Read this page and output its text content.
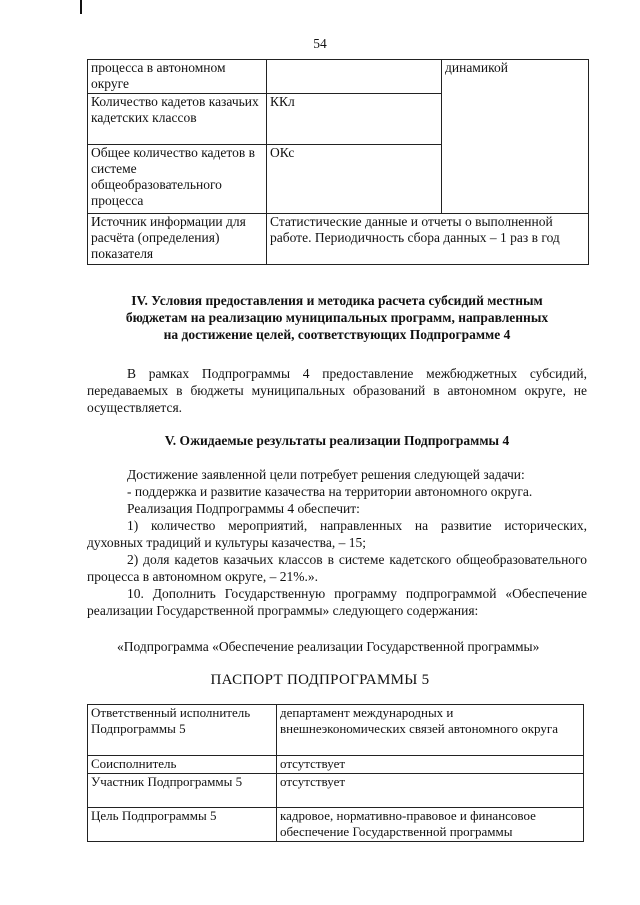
54
процесса в автономном округе		динамикой
Количество кадетов казачьих кадетских классов	ККл	
Общее количество кадетов в системе общеобразовательного процесса	ОКс	
Источник информации для расчёта (определения) показателя	Статистические данные и отчеты о выполненной работе. Периодичность сбора данных – 1 раз в год	
IV. Условия предоставления и методика расчета субсидий местным
бюджетам на реализацию муниципальных программ, направленных
на достижение целей, соответствующих Подпрограмме 4
В рамках Подпрограммы 4 предоставление межбюджетных субсидий, передаваемых в бюджеты муниципальных образований в автономном округе, не осуществляется.
V. Ожидаемые результаты реализации Подпрограммы 4
Достижение заявленной цели потребует решения следующей задачи:
- поддержка и развитие казачества на территории автономного округа.
Реализация Подпрограммы 4 обеспечит:
1) количество мероприятий, направленных на развитие исторических, духовных традиций и культуры казачества, – 15;
2) доля кадетов казачьих классов в системе кадетского общеобразовательного процесса в автономном округе, – 21%.».
10. Дополнить Государственную программу подпрограммой «Обеспечение реализации Государственной программы» следующего содержания:
«Подпрограмма «Обеспечение реализации Государственной программы»
ПАСПОРТ ПОДПРОГРАММЫ 5
Ответственный исполнитель Подпрограммы 5	департамент международных и внешнеэкономических связей автономного округа
Соисполнитель	отсутствует
Участник Подпрограммы 5	отсутствует
Цель Подпрограммы 5	кадровое, нормативно-правовое и финансовое обеспечение Государственной программы
